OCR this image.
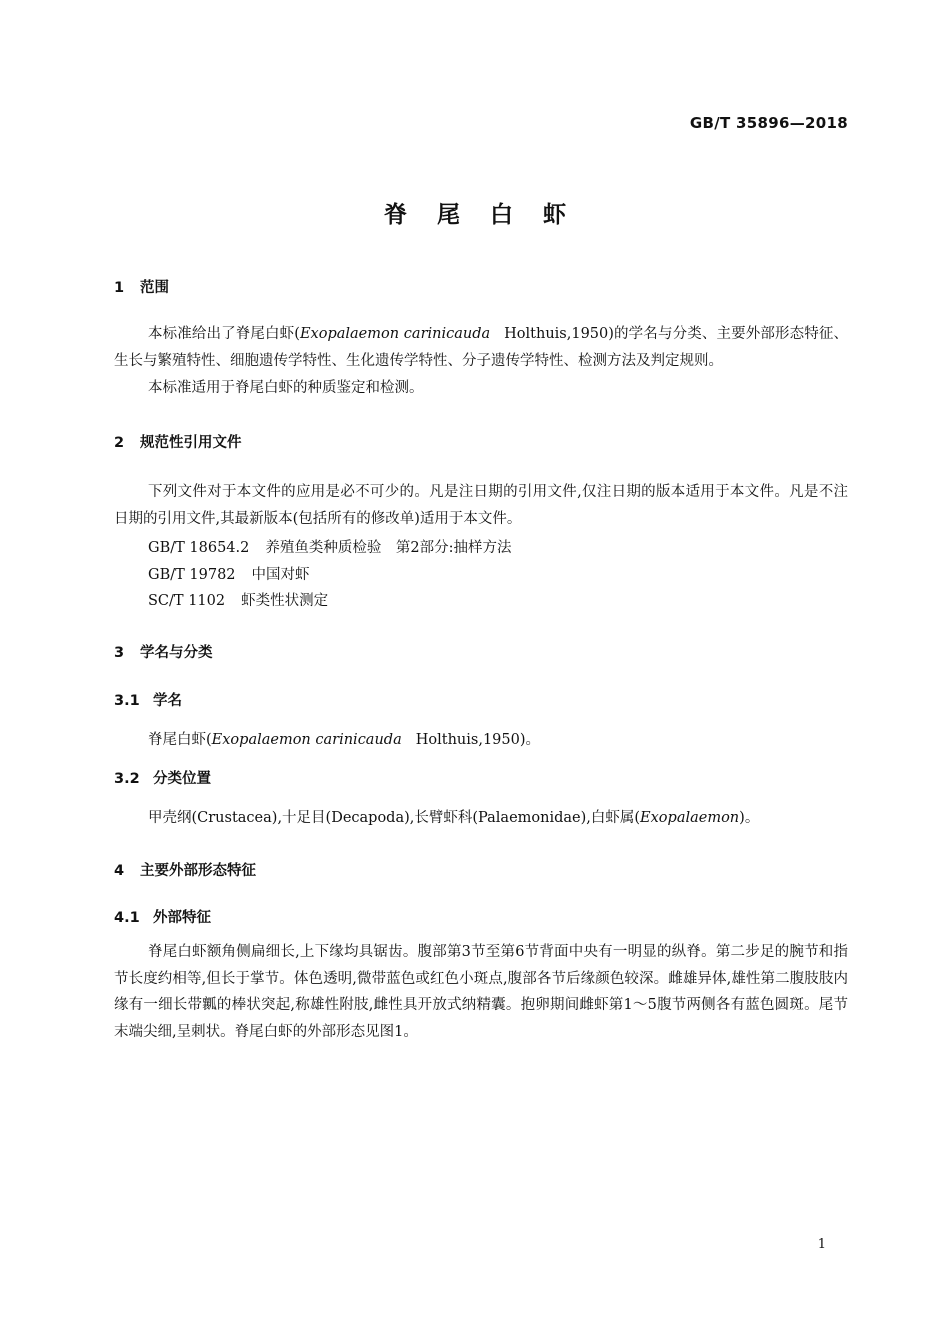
GB/T 35896—2018
脊尾白虾
1 范围
本标准给出了脊尾白虾(Exopalaemon carinicauda Holthuis,1950)的学名与分类、主要外部形态特征、生长与繁殖特性、细胞遗传学特性、生化遗传学特性、分子遗传学特性、检测方法及判定规则。
本标准适用于脊尾白虾的种质鉴定和检测。
2 规范性引用文件
下列文件对于本文件的应用是必不可少的。凡是注日期的引用文件,仅注日期的版本适用于本文件。凡是不注日期的引用文件,其最新版本(包括所有的修改单)适用于本文件。
GB/T 18654.2 养殖鱼类种质检验　第2部分:抽样方法
GB/T 19782 中国对虾
SC/T 1102 虾类性状测定
3 学名与分类
3.1 学名
脊尾白虾(Exopalaemon carinicauda Holthuis,1950)。
3.2 分类位置
甲壳纲(Crustacea),十足目(Decapoda),长臂虾科(Palaemonidae),白虾属(Exopalaemon)。
4 主要外部形态特征
4.1 外部特征
脊尾白虾额角侧扁细长,上下缘均具锯齿。腹部第3节至第6节背面中央有一明显的纵脊。第二步足的腕节和指节长度约相等,但长于掌节。体色透明,微带蓝色或红色小斑点,腹部各节后缘颜色较深。雌雄异体,雄性第二腹肢肢内缘有一细长带瓤的棒状突起,称雄性附肢,雌性具开放式纳精囊。抱卵期间雌虾第1～5腹节两侧各有蓝色圆斑。尾节末端尖细,呈刺状。脊尾白虾的外部形态见图1。
1
